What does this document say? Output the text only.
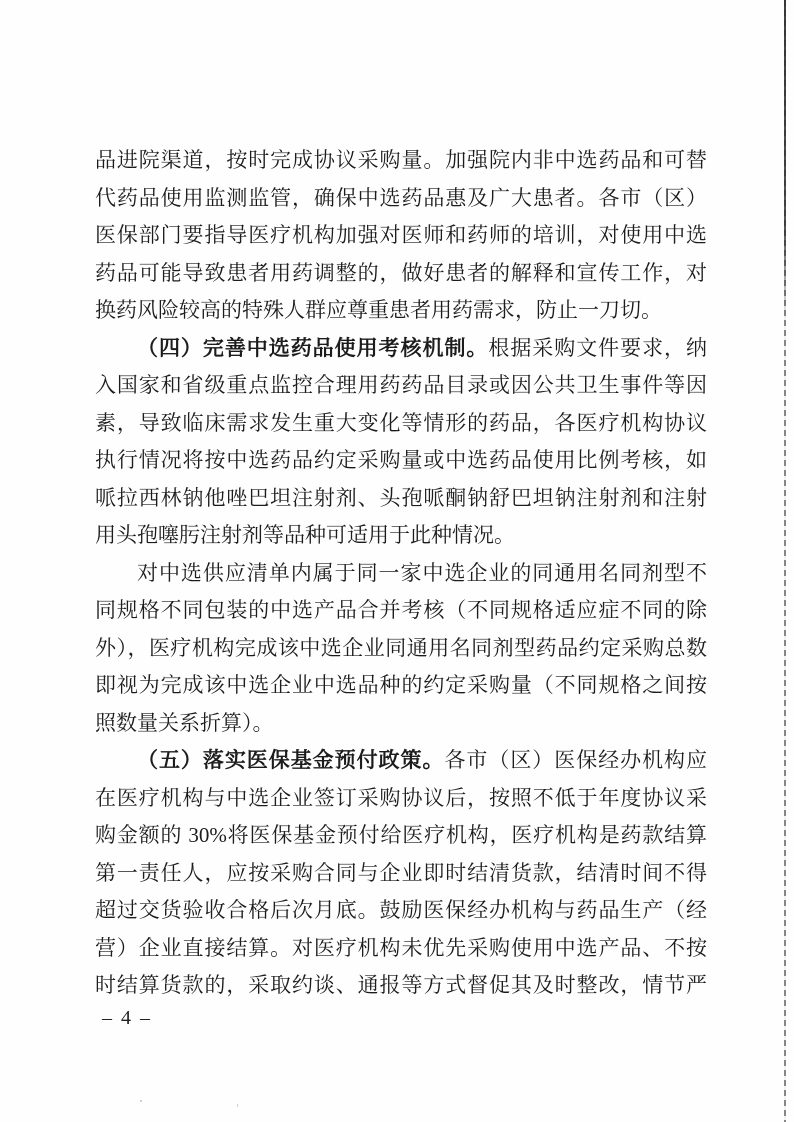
品进院渠道，按时完成协议采购量。加强院内非中选药品和可替
代药品使用监测监管，确保中选药品惠及广大患者。各市（区）
医保部门要指导医疗机构加强对医师和药师的培训，对使用中选
药品可能导致患者用药调整的，做好患者的解释和宣传工作，对
换药风险较高的特殊人群应尊重患者用药需求，防止一刀切。
（四）完善中选药品使用考核机制。根据采购文件要求，纳
入国家和省级重点监控合理用药药品目录或因公共卫生事件等因
素，导致临床需求发生重大变化等情形的药品，各医疗机构协议
执行情况将按中选药品约定采购量或中选药品使用比例考核，如
哌拉西林钠他唑巴坦注射剂、头孢哌酮钠舒巴坦钠注射剂和注射
用头孢噻肟注射剂等品种可适用于此种情况。
对中选供应清单内属于同一家中选企业的同通用名同剂型不
同规格不同包装的中选产品合并考核（不同规格适应症不同的除
外），医疗机构完成该中选企业同通用名同剂型药品约定采购总数
即视为完成该中选企业中选品种的约定采购量（不同规格之间按
照数量关系折算）。
（五）落实医保基金预付政策。各市（区）医保经办机构应
在医疗机构与中选企业签订采购协议后，按照不低于年度协议采
购金额的 30%将医保基金预付给医疗机构，医疗机构是药款结算
第一责任人，应按采购合同与企业即时结清货款，结清时间不得
超过交货验收合格后次月底。鼓励医保经办机构与药品生产（经
营）企业直接结算。对医疗机构未优先采购使用中选产品、不按
时结算货款的，采取约谈、通报等方式督促其及时整改，情节严
– 4 –
